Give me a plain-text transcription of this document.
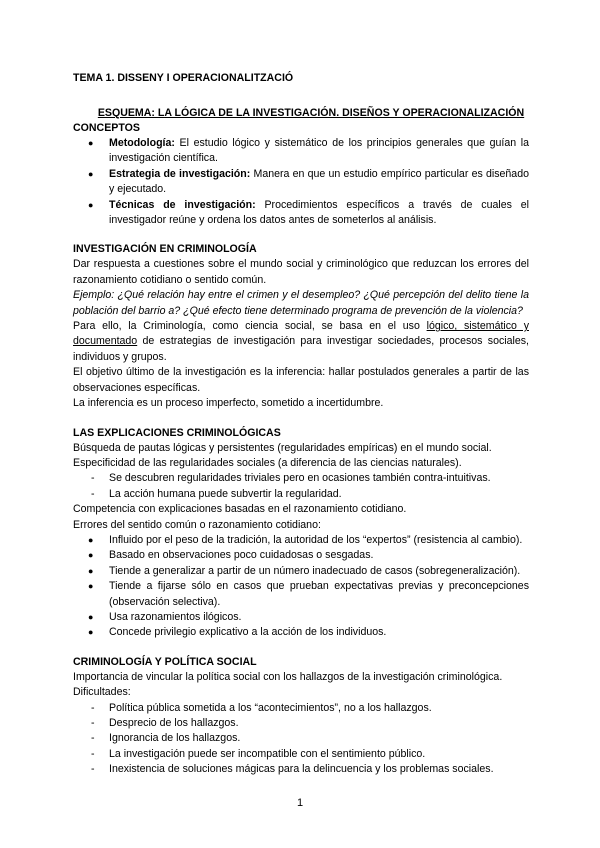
TEMA 1. DISSENY I OPERACIONALITZACIÓ
ESQUEMA: LA LÓGICA DE LA INVESTIGACIÓN. DISEÑOS Y OPERACIONALIZACIÓN
CONCEPTOS
● Metodología: El estudio lógico y sistemático de los principios generales que guían la investigación científica.
● Estrategia de investigación: Manera en que un estudio empírico particular es diseñado y ejecutado.
● Técnicas de investigación: Procedimientos específicos a través de cuales el investigador reúne y ordena los datos antes de someterlos al análisis.
INVESTIGACIÓN EN CRIMINOLOGÍA

Dar respuesta a cuestiones sobre el mundo social y criminológico que reduzcan los errores del razonamiento cotidiano o sentido común.

Ejemplo: ¿Qué relación hay entre el crimen y el desempleo? ¿Qué percepción del delito tiene la población del barrio a? ¿Qué efecto tiene determinado programa de prevención de la violencia?

Para ello, la Criminología, como ciencia social, se basa en el uso lógico, sistemático y documentado de estrategias de investigación para investigar sociedades, procesos sociales, individuos y grupos.

El objetivo último de la investigación es la inferencia: hallar postulados generales a partir de las observaciones específicas.

La inferencia es un proceso imperfecto, sometido a incertidumbre.

LAS EXPLICACIONES CRIMINOLÓGICAS

Búsqueda de pautas lógicas y persistentes (regularidades empíricas) en el mundo social.

Especificidad de las regularidades sociales (a diferencia de las ciencias naturales).

- Se descubren regularidades triviales pero en ocasiones también contra-intuitivas.
- La acción humana puede subvertir la regularidad.

Competencia con explicaciones basadas en el razonamiento cotidiano.

Errores del sentido común o razonamiento cotidiano:

● Influido por el peso de la tradición, la autoridad de los “expertos” (resistencia al cambio).
● Basado en observaciones poco cuidadosas o sesgadas.
● Tiende a generalizar a partir de un número inadecuado de casos (sobregeneralización).
● Tiende a fijarse sólo en casos que prueban expectativas previas y preconcepciones (observación selectiva).
● Usa razonamientos ilógicos.
● Concede privilegio explicativo a la acción de los individuos.
CRIMINOLOGÍA Y POLÍTICA SOCIAL

Importancia de vincular la política social con los hallazgos de la investigación criminológica.

Dificultades:

- Política pública sometida a los “acontecimientos”, no a los hallazgos.
- Desprecio de los hallazgos.
- Ignorancia de los hallazgos.
- La investigación puede ser incompatible con el sentimiento público.
- Inexistencia de soluciones mágicas para la delincuencia y los problemas sociales.
1
